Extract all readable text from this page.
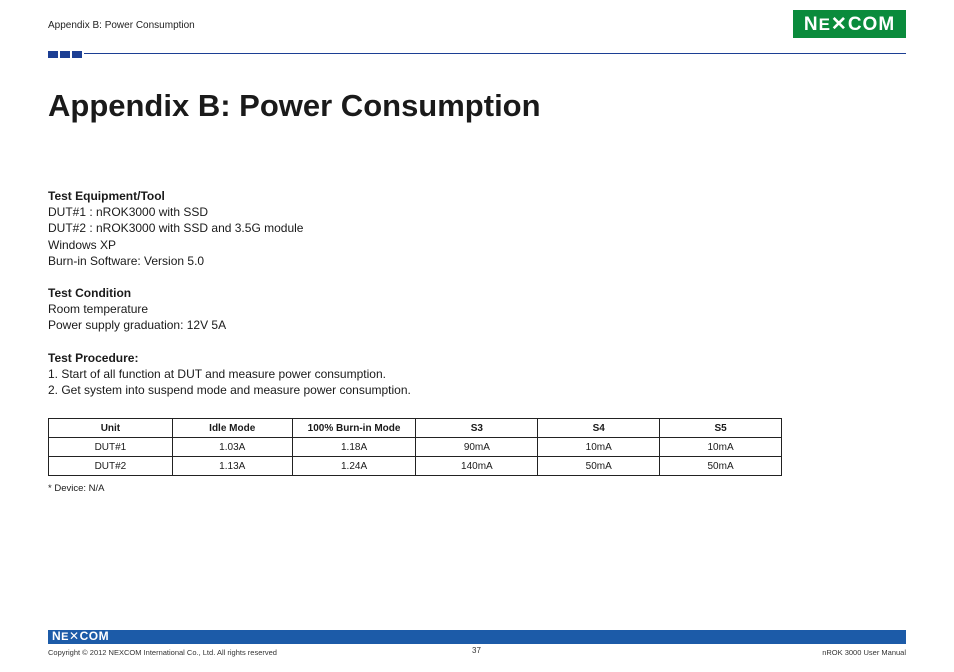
Appendix B: Power Consumption	NE✕COM
Appendix B: Power Consumption
Test Equipment/Tool
DUT#1 : nROK3000 with SSD
DUT#2 : nROK3000 with SSD and 3.5G module
Windows XP
Burn-in Software: Version 5.0
Test Condition
Room temperature
Power supply graduation: 12V 5A
Test Procedure:
1. Start of all function at DUT and measure power consumption.
2. Get system into suspend mode and measure power consumption.
Unit	Idle Mode	100% Burn-in Mode	S3	S4	S5
DUT#1	1.03A	1.18A	90mA	10mA	10mA
DUT#2	1.13A	1.24A	140mA	50mA	50mA
* Device: N/A
NE✕COM
Copyright © 2012 NEXCOM International Co., Ltd. All rights reserved	37	nROK 3000 User Manual
